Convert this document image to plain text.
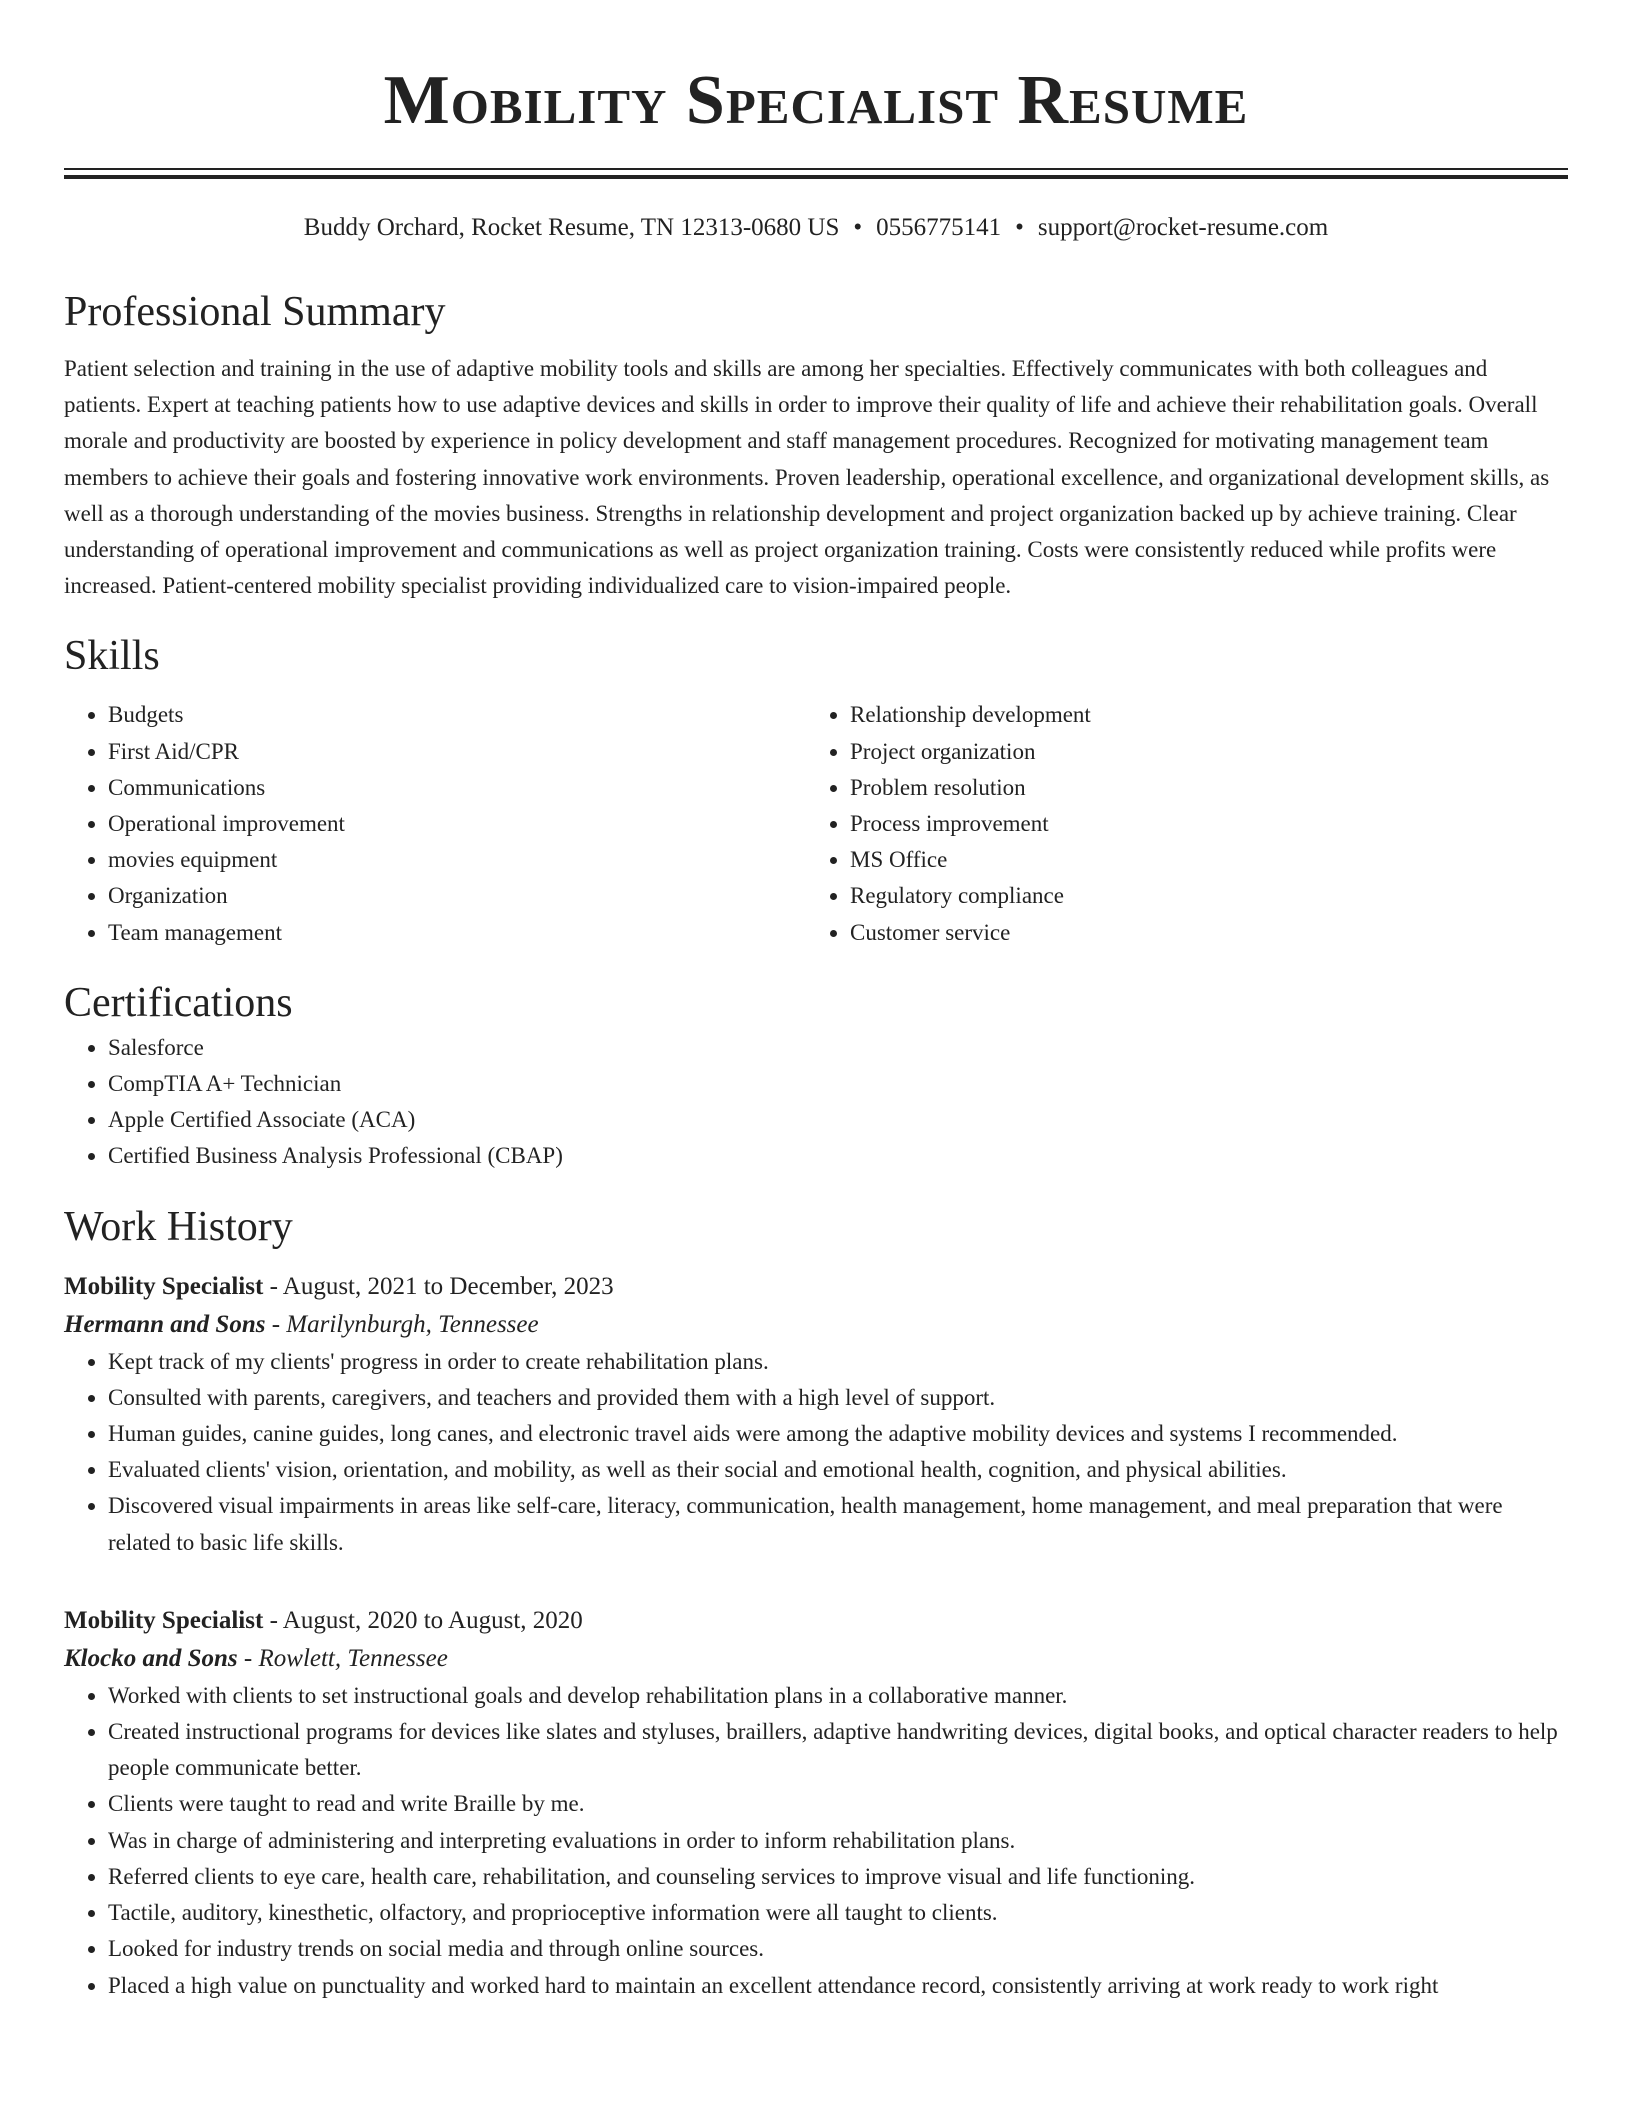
Mobility Specialist Resume
Buddy Orchard, Rocket Resume, TN 12313-0680 US • 0556775141 • support@rocket-resume.com
Professional Summary
Patient selection and training in the use of adaptive mobility tools and skills are among her specialties. Effectively communicates with both colleagues and patients. Expert at teaching patients how to use adaptive devices and skills in order to improve their quality of life and achieve their rehabilitation goals. Overall morale and productivity are boosted by experience in policy development and staff management procedures. Recognized for motivating management team members to achieve their goals and fostering innovative work environments. Proven leadership, operational excellence, and organizational development skills, as well as a thorough understanding of the movies business. Strengths in relationship development and project organization backed up by achieve training. Clear understanding of operational improvement and communications as well as project organization training. Costs were consistently reduced while profits were increased. Patient-centered mobility specialist providing individualized care to vision-impaired people.
Skills
• Budgets
• First Aid/CPR
• Communications
• Operational improvement
• movies equipment
• Organization
• Team management
• Relationship development
• Project organization
• Problem resolution
• Process improvement
• MS Office
• Regulatory compliance
• Customer service
Certifications
• Salesforce
• CompTIA A+ Technician
• Apple Certified Associate (ACA)
• Certified Business Analysis Professional (CBAP)
Work History
Mobility Specialist - August, 2021 to December, 2023
Hermann and Sons - Marilynburgh, Tennessee
• Kept track of my clients' progress in order to create rehabilitation plans.
• Consulted with parents, caregivers, and teachers and provided them with a high level of support.
• Human guides, canine guides, long canes, and electronic travel aids were among the adaptive mobility devices and systems I recommended.
• Evaluated clients' vision, orientation, and mobility, as well as their social and emotional health, cognition, and physical abilities.
• Discovered visual impairments in areas like self-care, literacy, communication, health management, home management, and meal preparation that were related to basic life skills.
Mobility Specialist - August, 2020 to August, 2020
Klocko and Sons - Rowlett, Tennessee
• Worked with clients to set instructional goals and develop rehabilitation plans in a collaborative manner.
• Created instructional programs for devices like slates and styluses, braillers, adaptive handwriting devices, digital books, and optical character readers to help people communicate better.
• Clients were taught to read and write Braille by me.
• Was in charge of administering and interpreting evaluations in order to inform rehabilitation plans.
• Referred clients to eye care, health care, rehabilitation, and counseling services to improve visual and life functioning.
• Tactile, auditory, kinesthetic, olfactory, and proprioceptive information were all taught to clients.
• Looked for industry trends on social media and through online sources.
• Placed a high value on punctuality and worked hard to maintain an excellent attendance record, consistently arriving at work ready to work right
